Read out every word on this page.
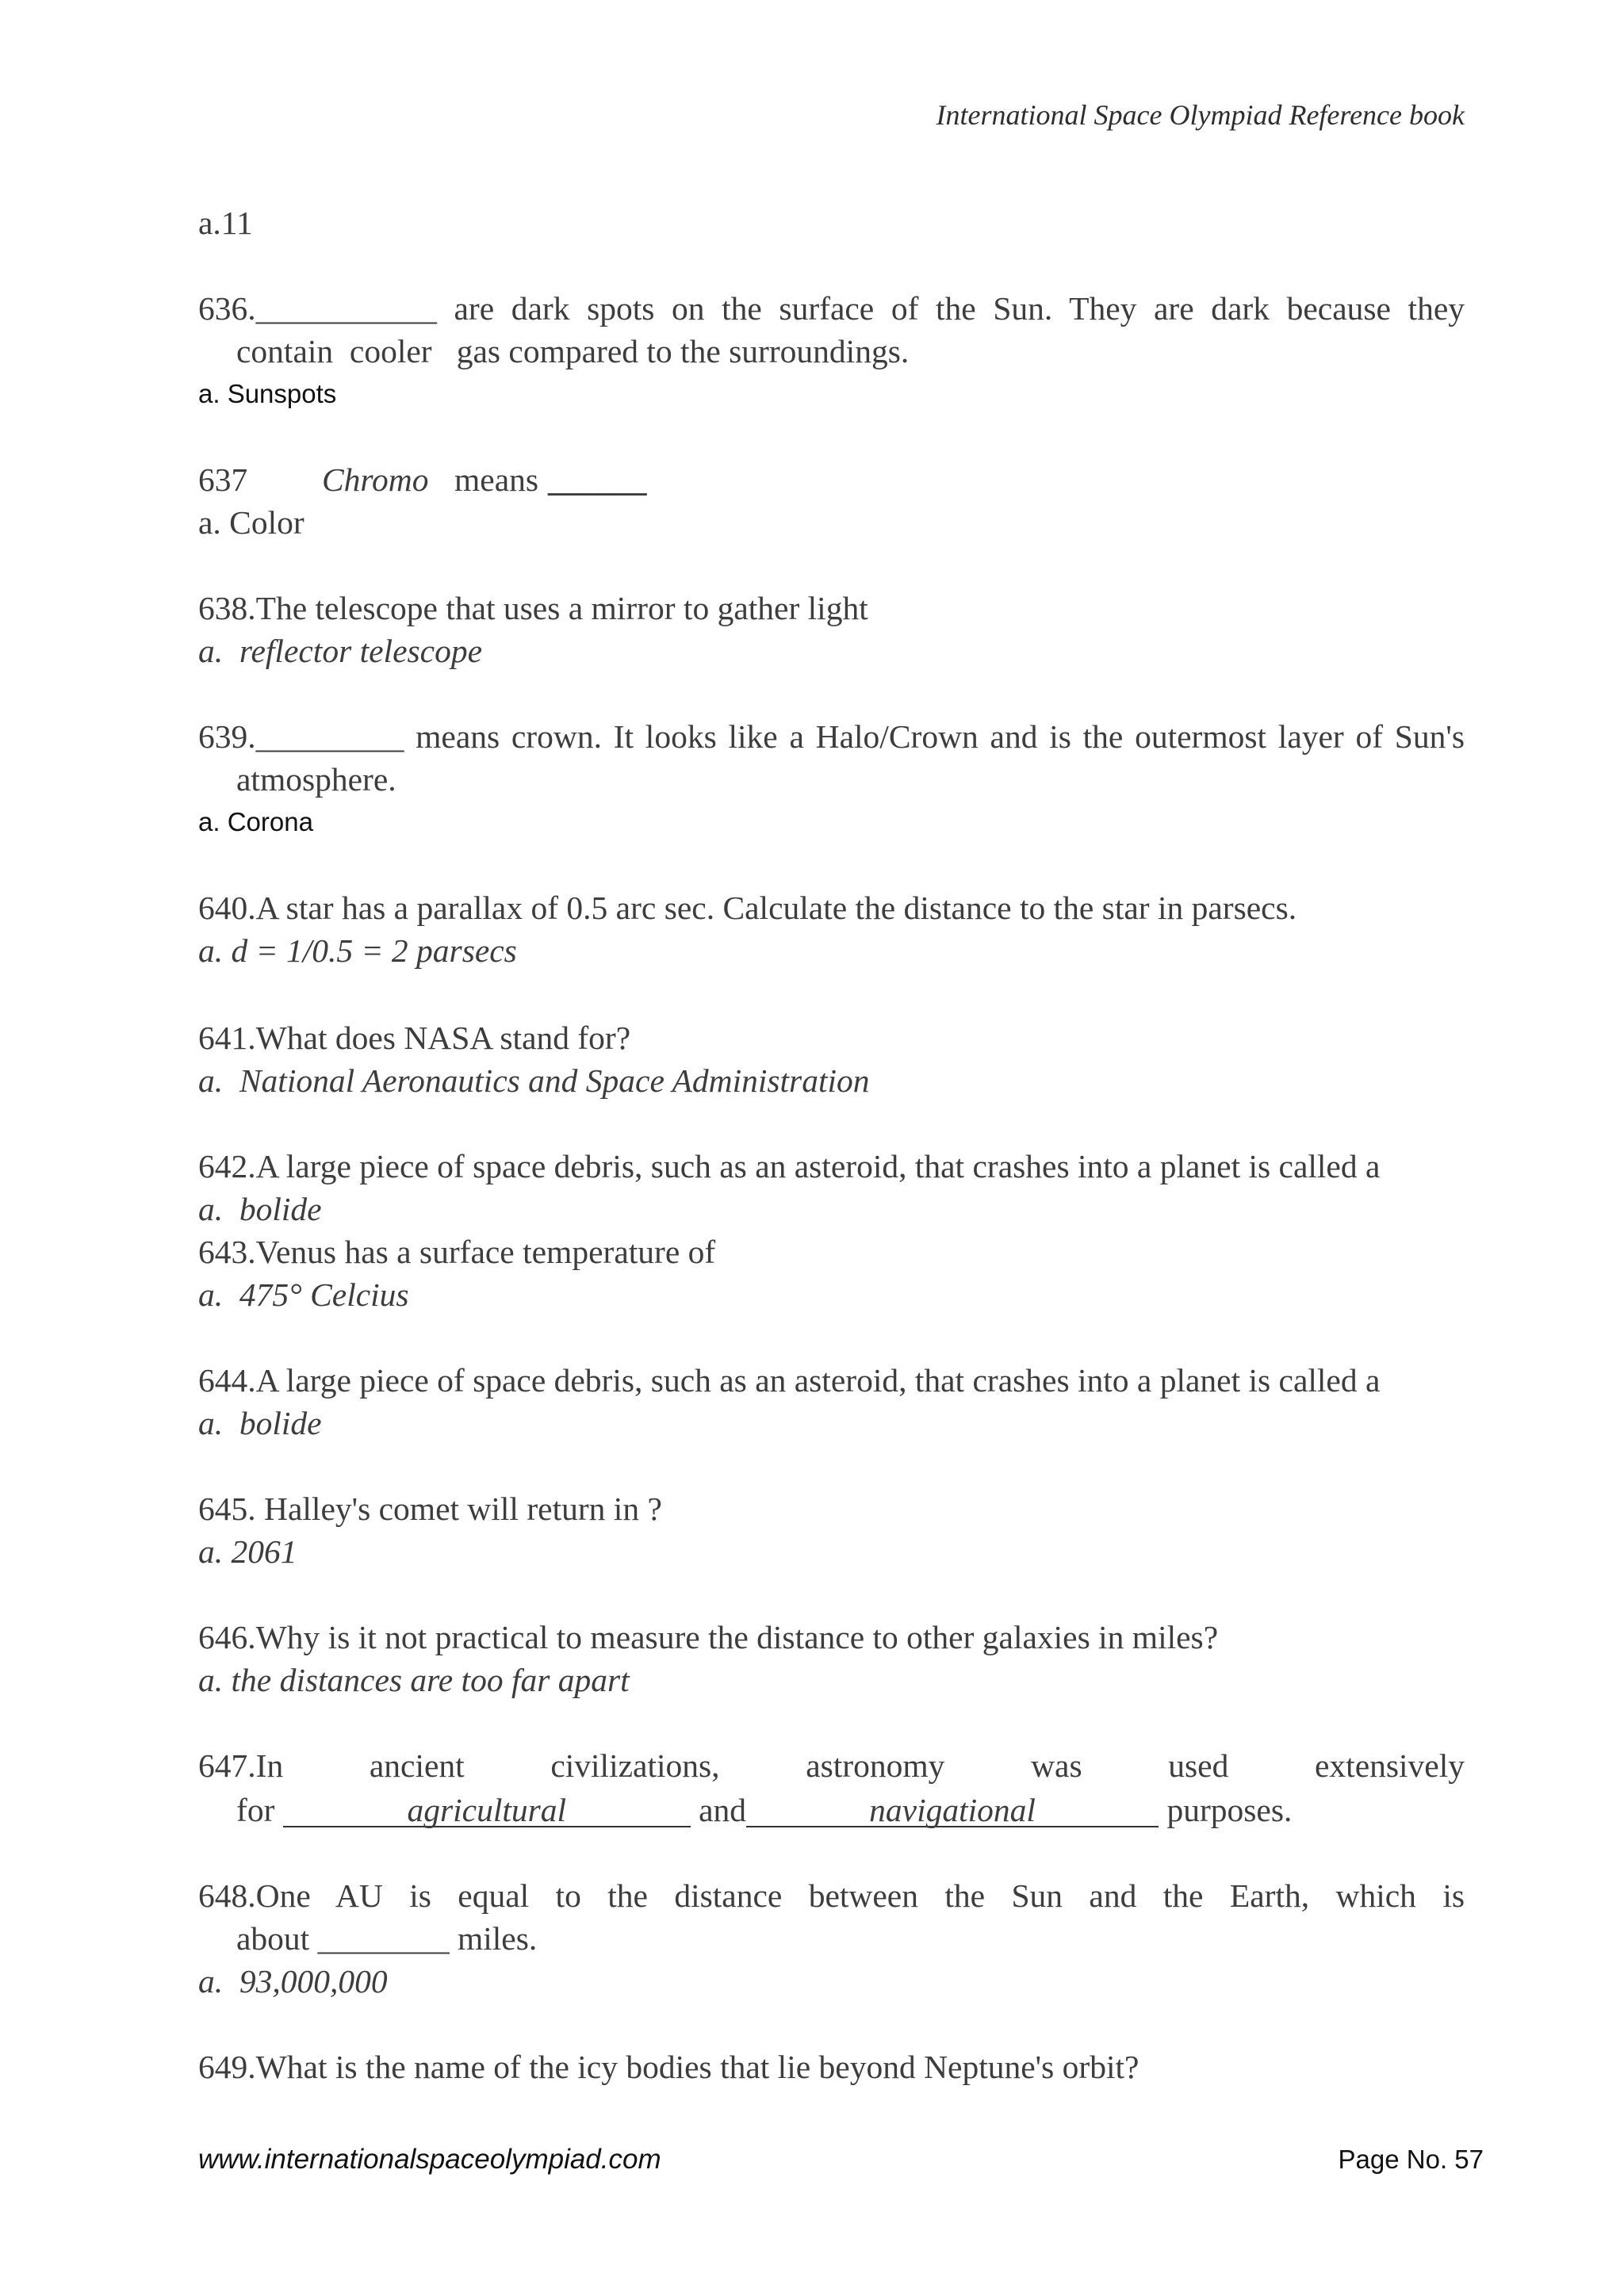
International Space Olympiad Reference book
a.11
636.___________ are dark spots on the surface of the Sun. They are dark because they
contain  cooler   gas compared to the surroundings.
a. Sunspots

637

Chromo

means

______

a. Color
638.The telescope that uses a mirror to gather light
a.  reflector telescope
639._________ means crown. It looks like a Halo/Crown and is the outermost layer of Sun's
atmosphere.
a. Corona
640.A star has a parallax of 0.5 arc sec. Calculate the distance to the star in parsecs.
a. d = 1/0.5 = 2 parsecs
641.What does NASA stand for?
a.  National Aeronautics and Space Administration
642.A large piece of space debris, such as an asteroid, that crashes into a planet is called a
a.  bolide
643.Venus has a surface temperature of
a.  475° Celcius
644.A large piece of space debris, such as an asteroid, that crashes into a planet is called a
a.  bolide
645. Halley's comet will return in ?
a. 2061
646.Why is it not practical to measure the distance to other galaxies in miles?
a. the distances are too far apart
647.In ancient civilizations, astronomy was used extensively
for	agricultural	and	navigational	purposes.
648.One AU is equal to the distance between the Sun and the Earth, which is
about ________ miles.
a.  93,000,000
649.What is the name of the icy bodies that lie beyond Neptune's orbit?
www.internationalspaceolympiad.com	Page No. 57
